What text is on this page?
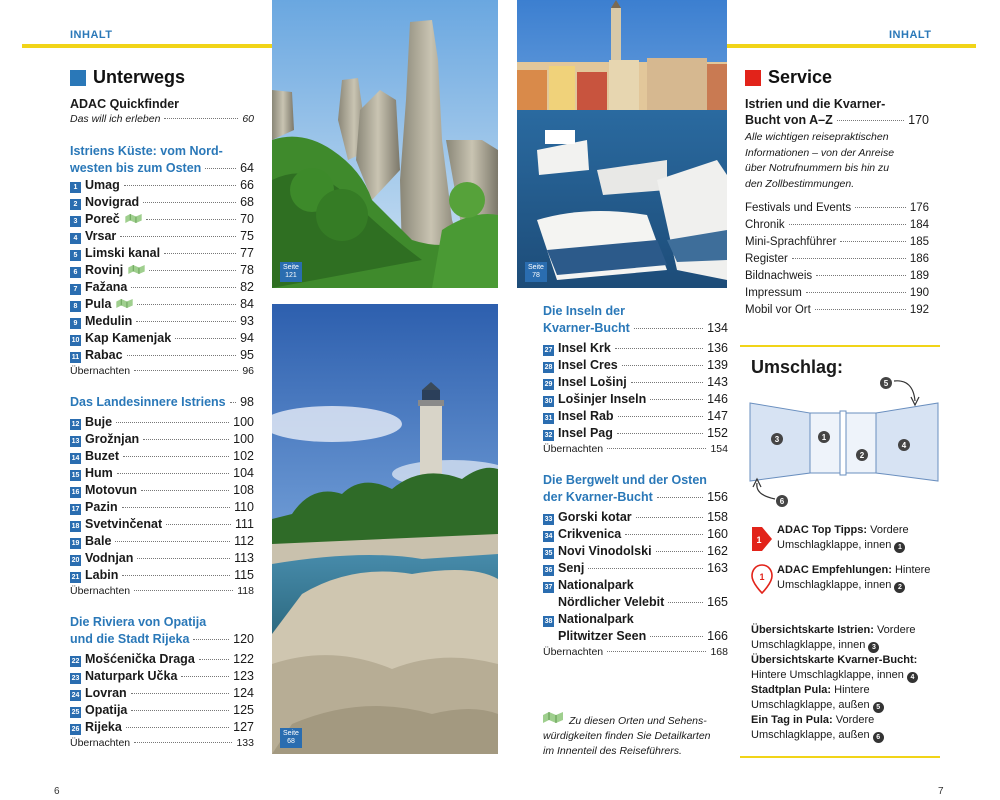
INHALT	INHALT
Unterwegs
ADAC Quickfinder
Das will ich erleben	60
Istriens Küste: vom Nord-
westen bis zum Osten	64
1 Umag	66
2 Novigrad	68
3 Poreč	70
4 Vrsar	75
5 Limski kanal	77
6 Rovinj	78
7 Fažana	82
8 Pula	84
9 Medulin	93
10 Kap Kamenjak	94
11 Rabac	95
Übernachten	96
Das Landesinnere Istriens 98
12 Buje	100
13 Grožnjan	100
14 Buzet	102
15 Hum	104
16 Motovun	108
17 Pazin	110
18 Svetvinčenat	111
19 Bale	112
20 Vodnjan	113
21 Labin	115
Übernachten	118
Die Riviera von Opatija
und die Stadt Rijeka	120
22 Mošćenička Draga	122
23 Naturpark Učka	123
24 Lovran	124
25 Opatija	125
26 Rijeka	127
Übernachten	133
Seite
121
Seite
68
Seite
78
Die Inseln der
Kvarner-Bucht	134
27 Insel Krk	136
28 Insel Cres	139
29 Insel Lošinj	143
30 Lošinjer Inseln	146
31 Insel Rab	147
32 Insel Pag	152
Übernachten	154
Die Bergwelt und der Osten
der Kvarner-Bucht	156
33 Gorski kotar	158
34 Crikvenica	160
35 Novi Vinodolski	162
36 Senj	163
37 Nationalpark
Nördlicher Velebit	165
38 Nationalpark
Plitwitzer Seen	166
Übernachten	168
Zu diesen Orten und Sehens-
würdigkeiten finden Sie Detailkarten
im Innenteil des Reiseführers.
Service
Istrien und die Kvarner-
Bucht von A–Z	170
Alle wichtigen reisepraktischen
Informationen – von der Anreise
über Notrufnummern bis hin zu
den Zollbestimmungen.
Festivals und Events	176
Chronik	184
Mini-Sprachführer	185
Register	186
Bildnachweis	189
Impressum	190
Mobil vor Ort	192
Umschlag:
3	1
2
4
5
6
1
ADAC Top Tipps: Vordere
Umschlagklappe, innen 1
1
ADAC Empfehlungen: Hintere
Umschlagklappe, innen 2
Übersichtskarte Istrien: Vordere
Umschlagklappe, innen 3
Übersichtskarte Kvarner-Bucht:
Hintere Umschlagklappe, innen 4
Stadtplan Pula: Hintere
Umschlagklappe, außen 5
Ein Tag in Pula: Vordere
Umschlagklappe, außen 6
6	7
